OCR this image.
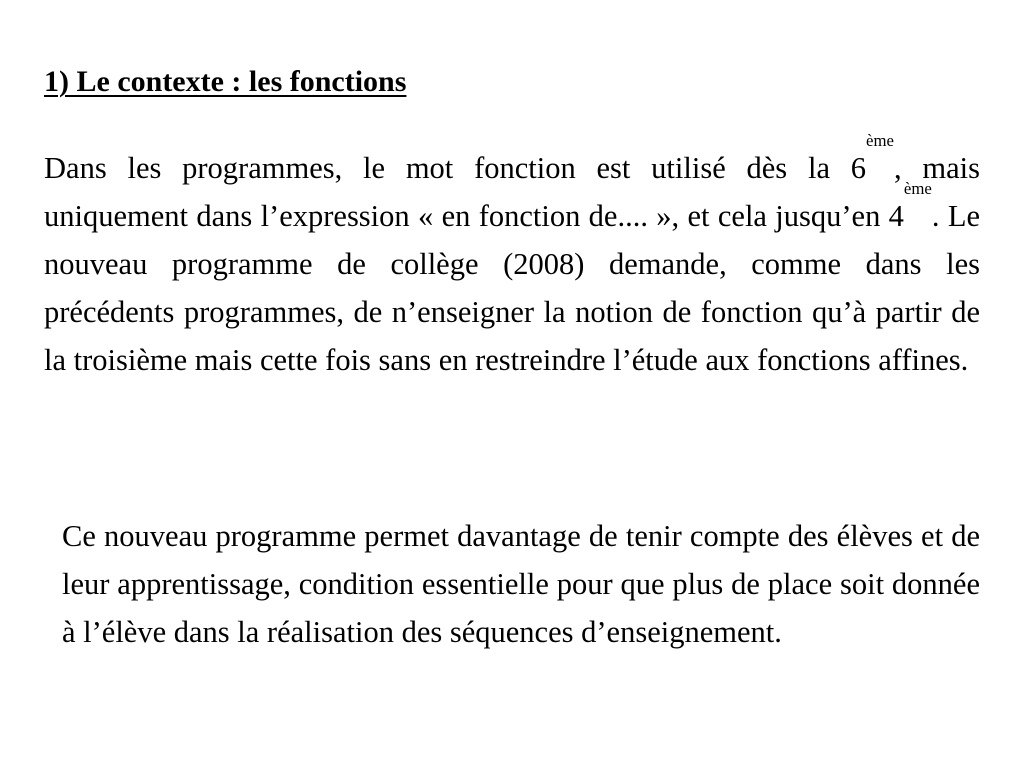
1) Le contexte : les fonctions

Dans les programmes, le mot fonction est utilisé dès la 6ème, mais uniquement dans l’expression « en fonction de.... », et cela jusqu’en 4ème. Le nouveau programme de collège (2008) demande, comme dans les précédents programmes, de n’enseigner la notion de fonction qu’à partir de la troisième mais cette fois sans en restreindre l’étude aux fonctions affines.

Ce nouveau programme permet davantage de tenir compte des élèves et de leur apprentissage, condition essentielle pour que plus de place soit donnée à l’élève dans la réalisation des séquences d’enseignement.
